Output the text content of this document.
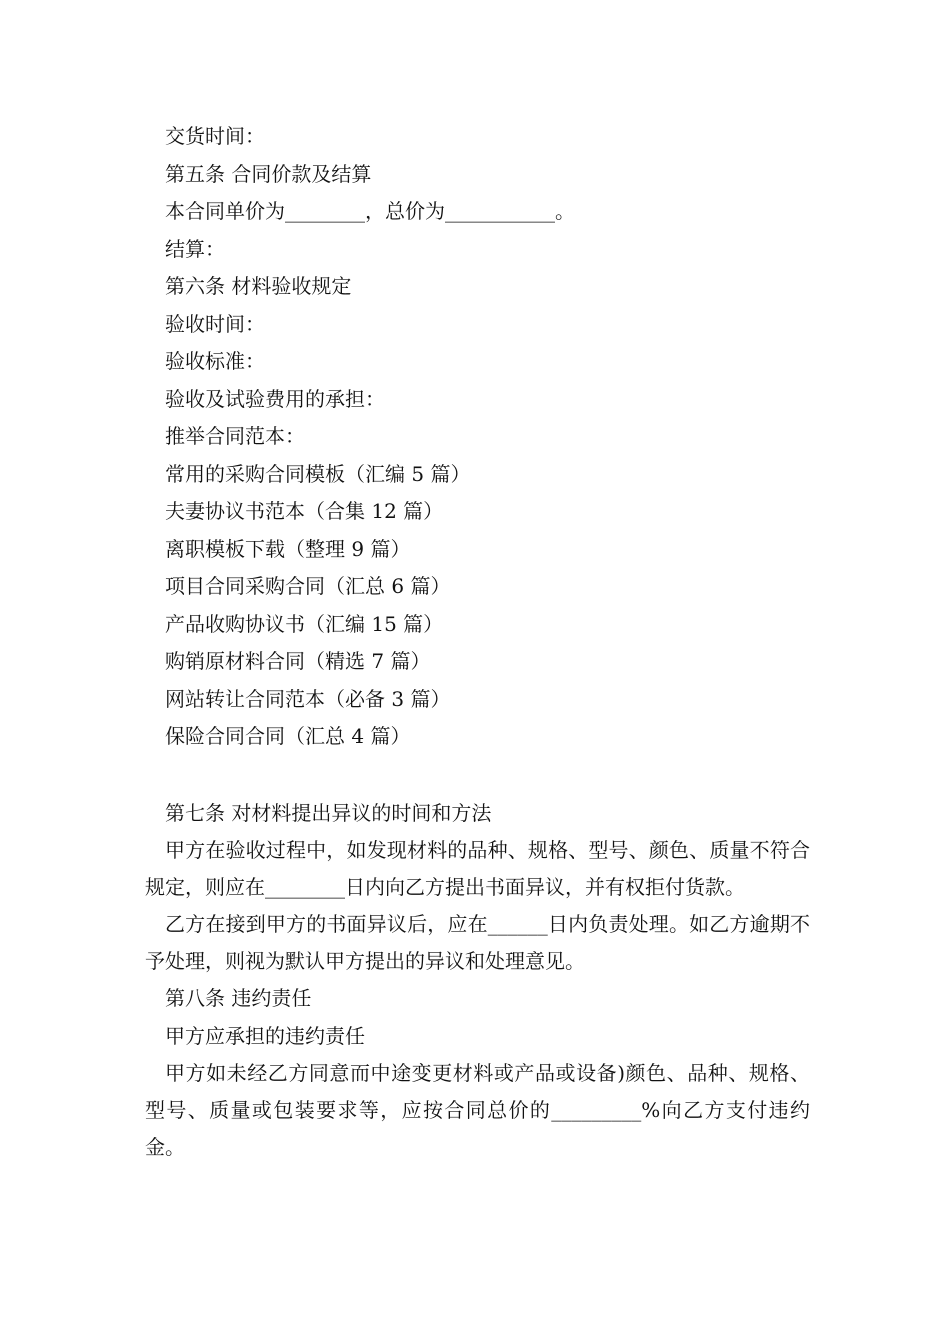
交货时间：
第五条 合同价款及结算
本合同单价为________，总价为___________。
结算：
第六条 材料验收规定
验收时间：
验收标准：
验收及试验费用的承担：
推举合同范本：
常用的采购合同模板（汇编 5 篇）
夫妻协议书范本（合集 12 篇）
离职模板下载（整理 9 篇）
项目合同采购合同（汇总 6 篇）
产品收购协议书（汇编 15 篇）
购销原材料合同（精选 7 篇）
网站转让合同范本（必备 3 篇）
保险合同合同（汇总 4 篇）
第七条 对材料提出异议的时间和方法
甲方在验收过程中，如发现材料的品种、规格、型号、颜色、质量不符合规定，则应在________日内向乙方提出书面异议，并有权拒付货款。
乙方在接到甲方的书面异议后，应在______日内负责处理。如乙方逾期不予处理，则视为默认甲方提出的异议和处理意见。
第八条 违约责任
甲方应承担的违约责任
甲方如未经乙方同意而中途变更材料或产品或设备)颜色、品种、规格、型号、质量或包装要求等，应按合同总价的_________%向乙方支付违约金。
